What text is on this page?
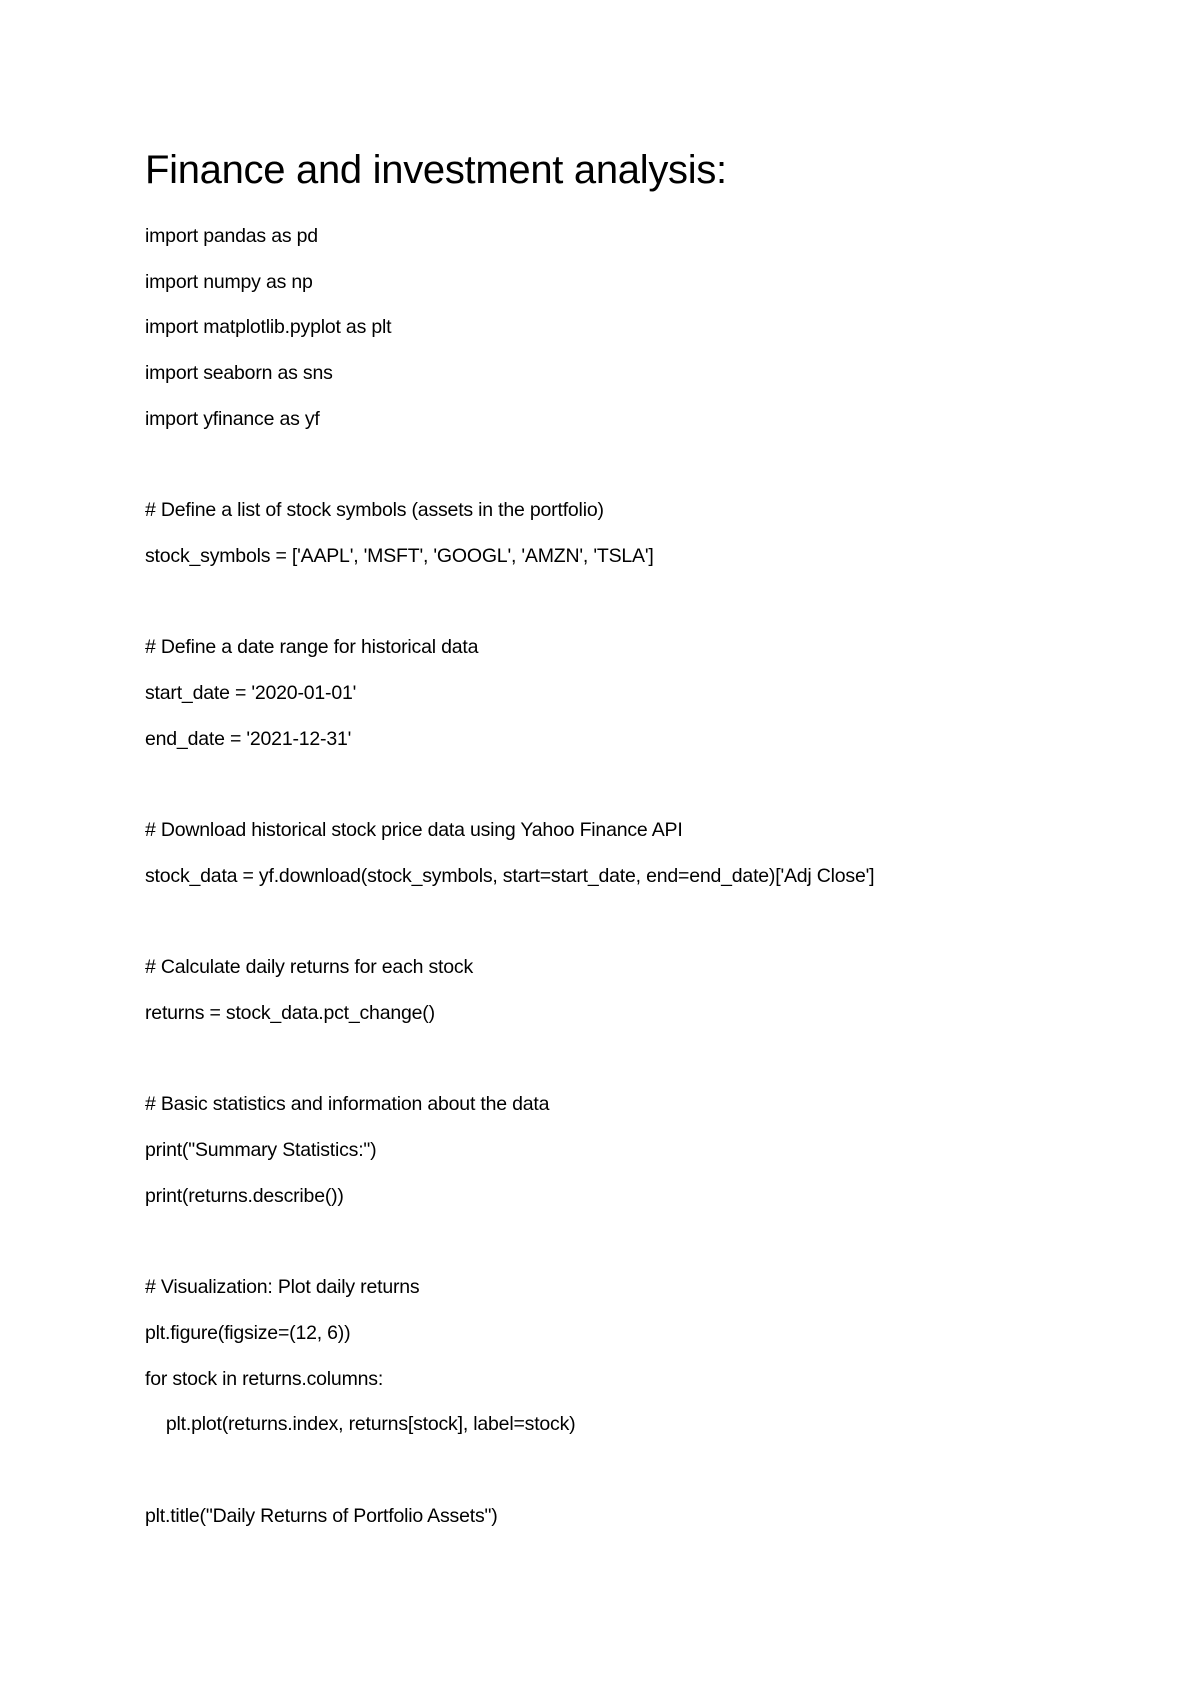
Finance and investment analysis:
import pandas as pd
import numpy as np
import matplotlib.pyplot as plt
import seaborn as sns
import yfinance as yf
# Define a list of stock symbols (assets in the portfolio)
stock_symbols = ['AAPL', 'MSFT', 'GOOGL', 'AMZN', 'TSLA']
# Define a date range for historical data
start_date = '2020-01-01'
end_date = '2021-12-31'
# Download historical stock price data using Yahoo Finance API
stock_data = yf.download(stock_symbols, start=start_date, end=end_date)['Adj Close']
# Calculate daily returns for each stock
returns = stock_data.pct_change()
# Basic statistics and information about the data
print("Summary Statistics:")
print(returns.describe())
# Visualization: Plot daily returns
plt.figure(figsize=(12, 6))
for stock in returns.columns:
plt.plot(returns.index, returns[stock], label=stock)
plt.title("Daily Returns of Portfolio Assets")
